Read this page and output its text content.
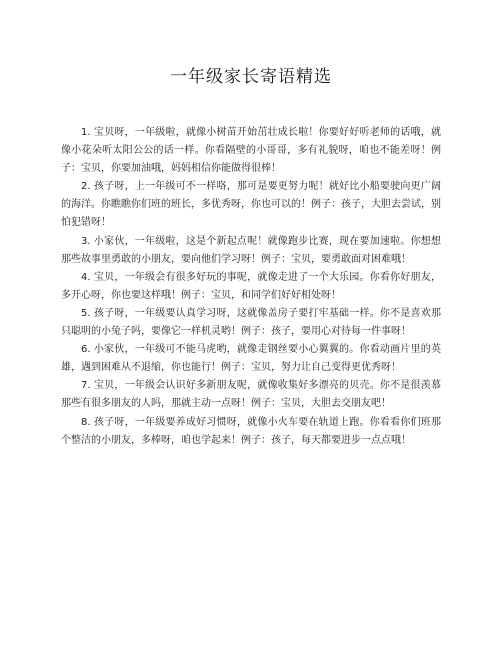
一年级家长寄语精选

1. 宝贝呀，一年级啦，就像小树苗开始茁壮成长啦！你要好好听老师的话哦，就像小花朵听太阳公公的话一样。你看隔壁的小哥哥，多有礼貌呀，咱也不能差呀！例子：宝贝，你要加油哦，妈妈相信你能做得很棒！

2. 孩子呀，上一年级可不一样咯，那可是要更努力呢！就好比小船要驶向更广阔的海洋。你瞧瞧你们班的班长，多优秀呀，你也可以的！例子：孩子，大胆去尝试，别怕犯错呀！

3. 小家伙，一年级啦，这是个新起点呢！就像跑步比赛，现在要加速啦。你想想那些故事里勇敢的小朋友，要向他们学习呀！例子：宝贝，要勇敢面对困难哦！

4. 宝贝，一年级会有很多好玩的事呢，就像走进了一个大乐园。你看你好朋友，多开心呀，你也要这样哦！例子：宝贝，和同学们好好相处呀！

5. 孩子呀，一年级要认真学习呀，这就像盖房子要打牢基础一样。你不是喜欢那只聪明的小兔子吗，要像它一样机灵哟！例子：孩子，要用心对待每一件事呀！

6. 小家伙，一年级可不能马虎哟，就像走钢丝要小心翼翼的。你看动画片里的英雄，遇到困难从不退缩，你也能行！例子：宝贝，努力让自己变得更优秀呀！

7. 宝贝，一年级会认识好多新朋友呢，就像收集好多漂亮的贝壳。你不是很羡慕那些有很多朋友的人吗，那就主动一点呀！例子：宝贝，大胆去交朋友吧！

8. 孩子呀，一年级要养成好习惯呀，就像小火车要在轨道上跑。你看看你们班那个整洁的小朋友，多棒呀，咱也学起来！例子：孩子，每天都要进步一点点哦！
